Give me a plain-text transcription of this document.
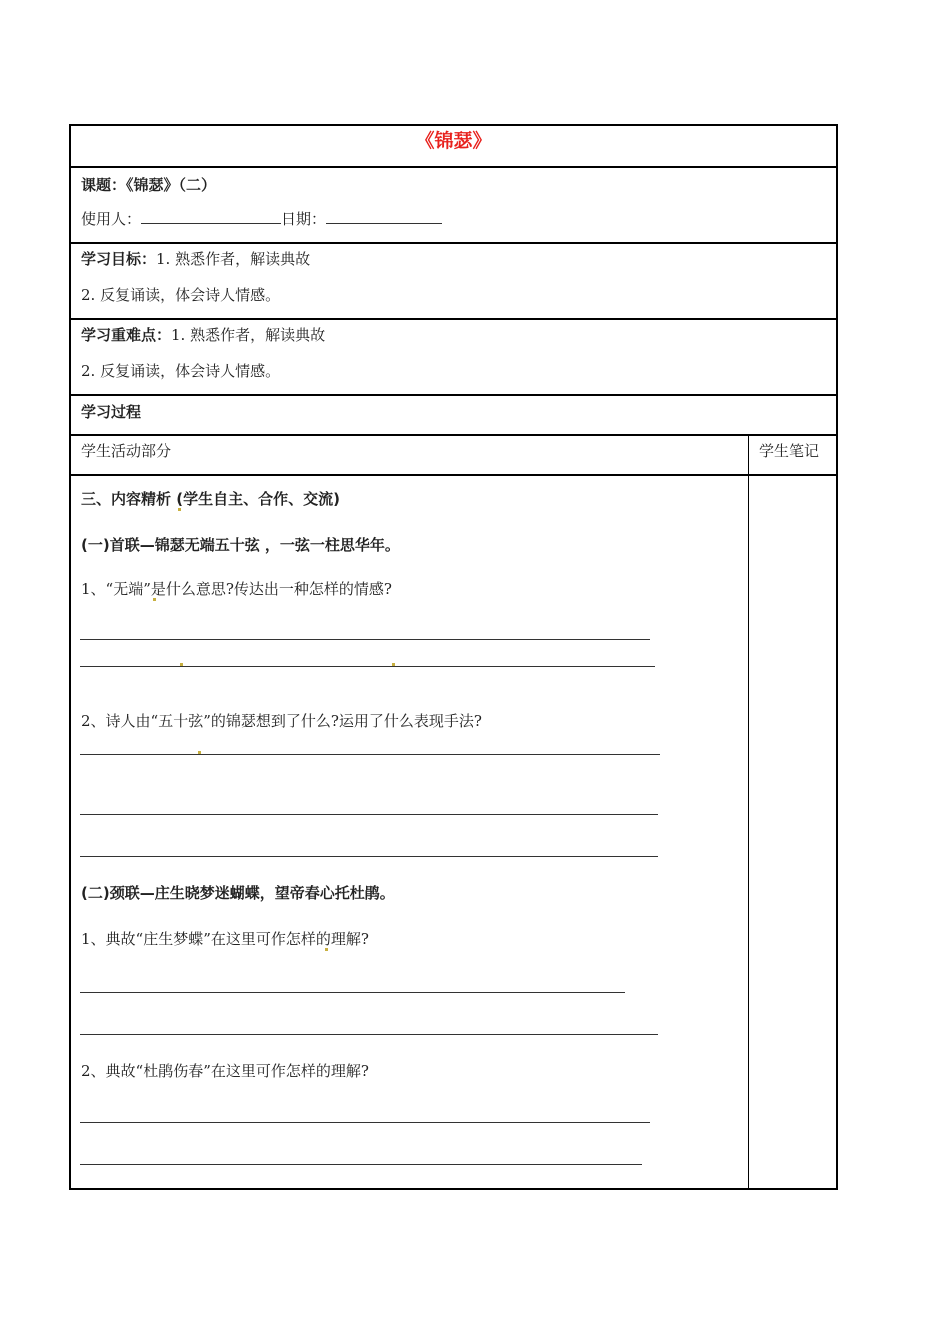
《锦瑟》
课题：《锦瑟》（二）
使用人：	日期：
学习目标：1. 熟悉作者，解读典故
2. 反复诵读，体会诗人情感。
学习重难点：1. 熟悉作者，解读典故
2. 反复诵读，体会诗人情感。
学习过程
学生活动部分	学生笔记
三、内容精析 (学生自主、合作、交流)
(一)首联—锦瑟无端五十弦 ，一弦一柱思华年。
1、“无端”是什么意思?传达出一种怎样的情感?
2、诗人由“五十弦”的锦瑟想到了什么?运用了什么表现手法?
(二)颈联—庄生晓梦迷蝴蝶，望帝春心托杜鹃。
1、典故“庄生梦蝶”在这里可作怎样的理解?
2、典故“杜鹃伤春”在这里可作怎样的理解?
